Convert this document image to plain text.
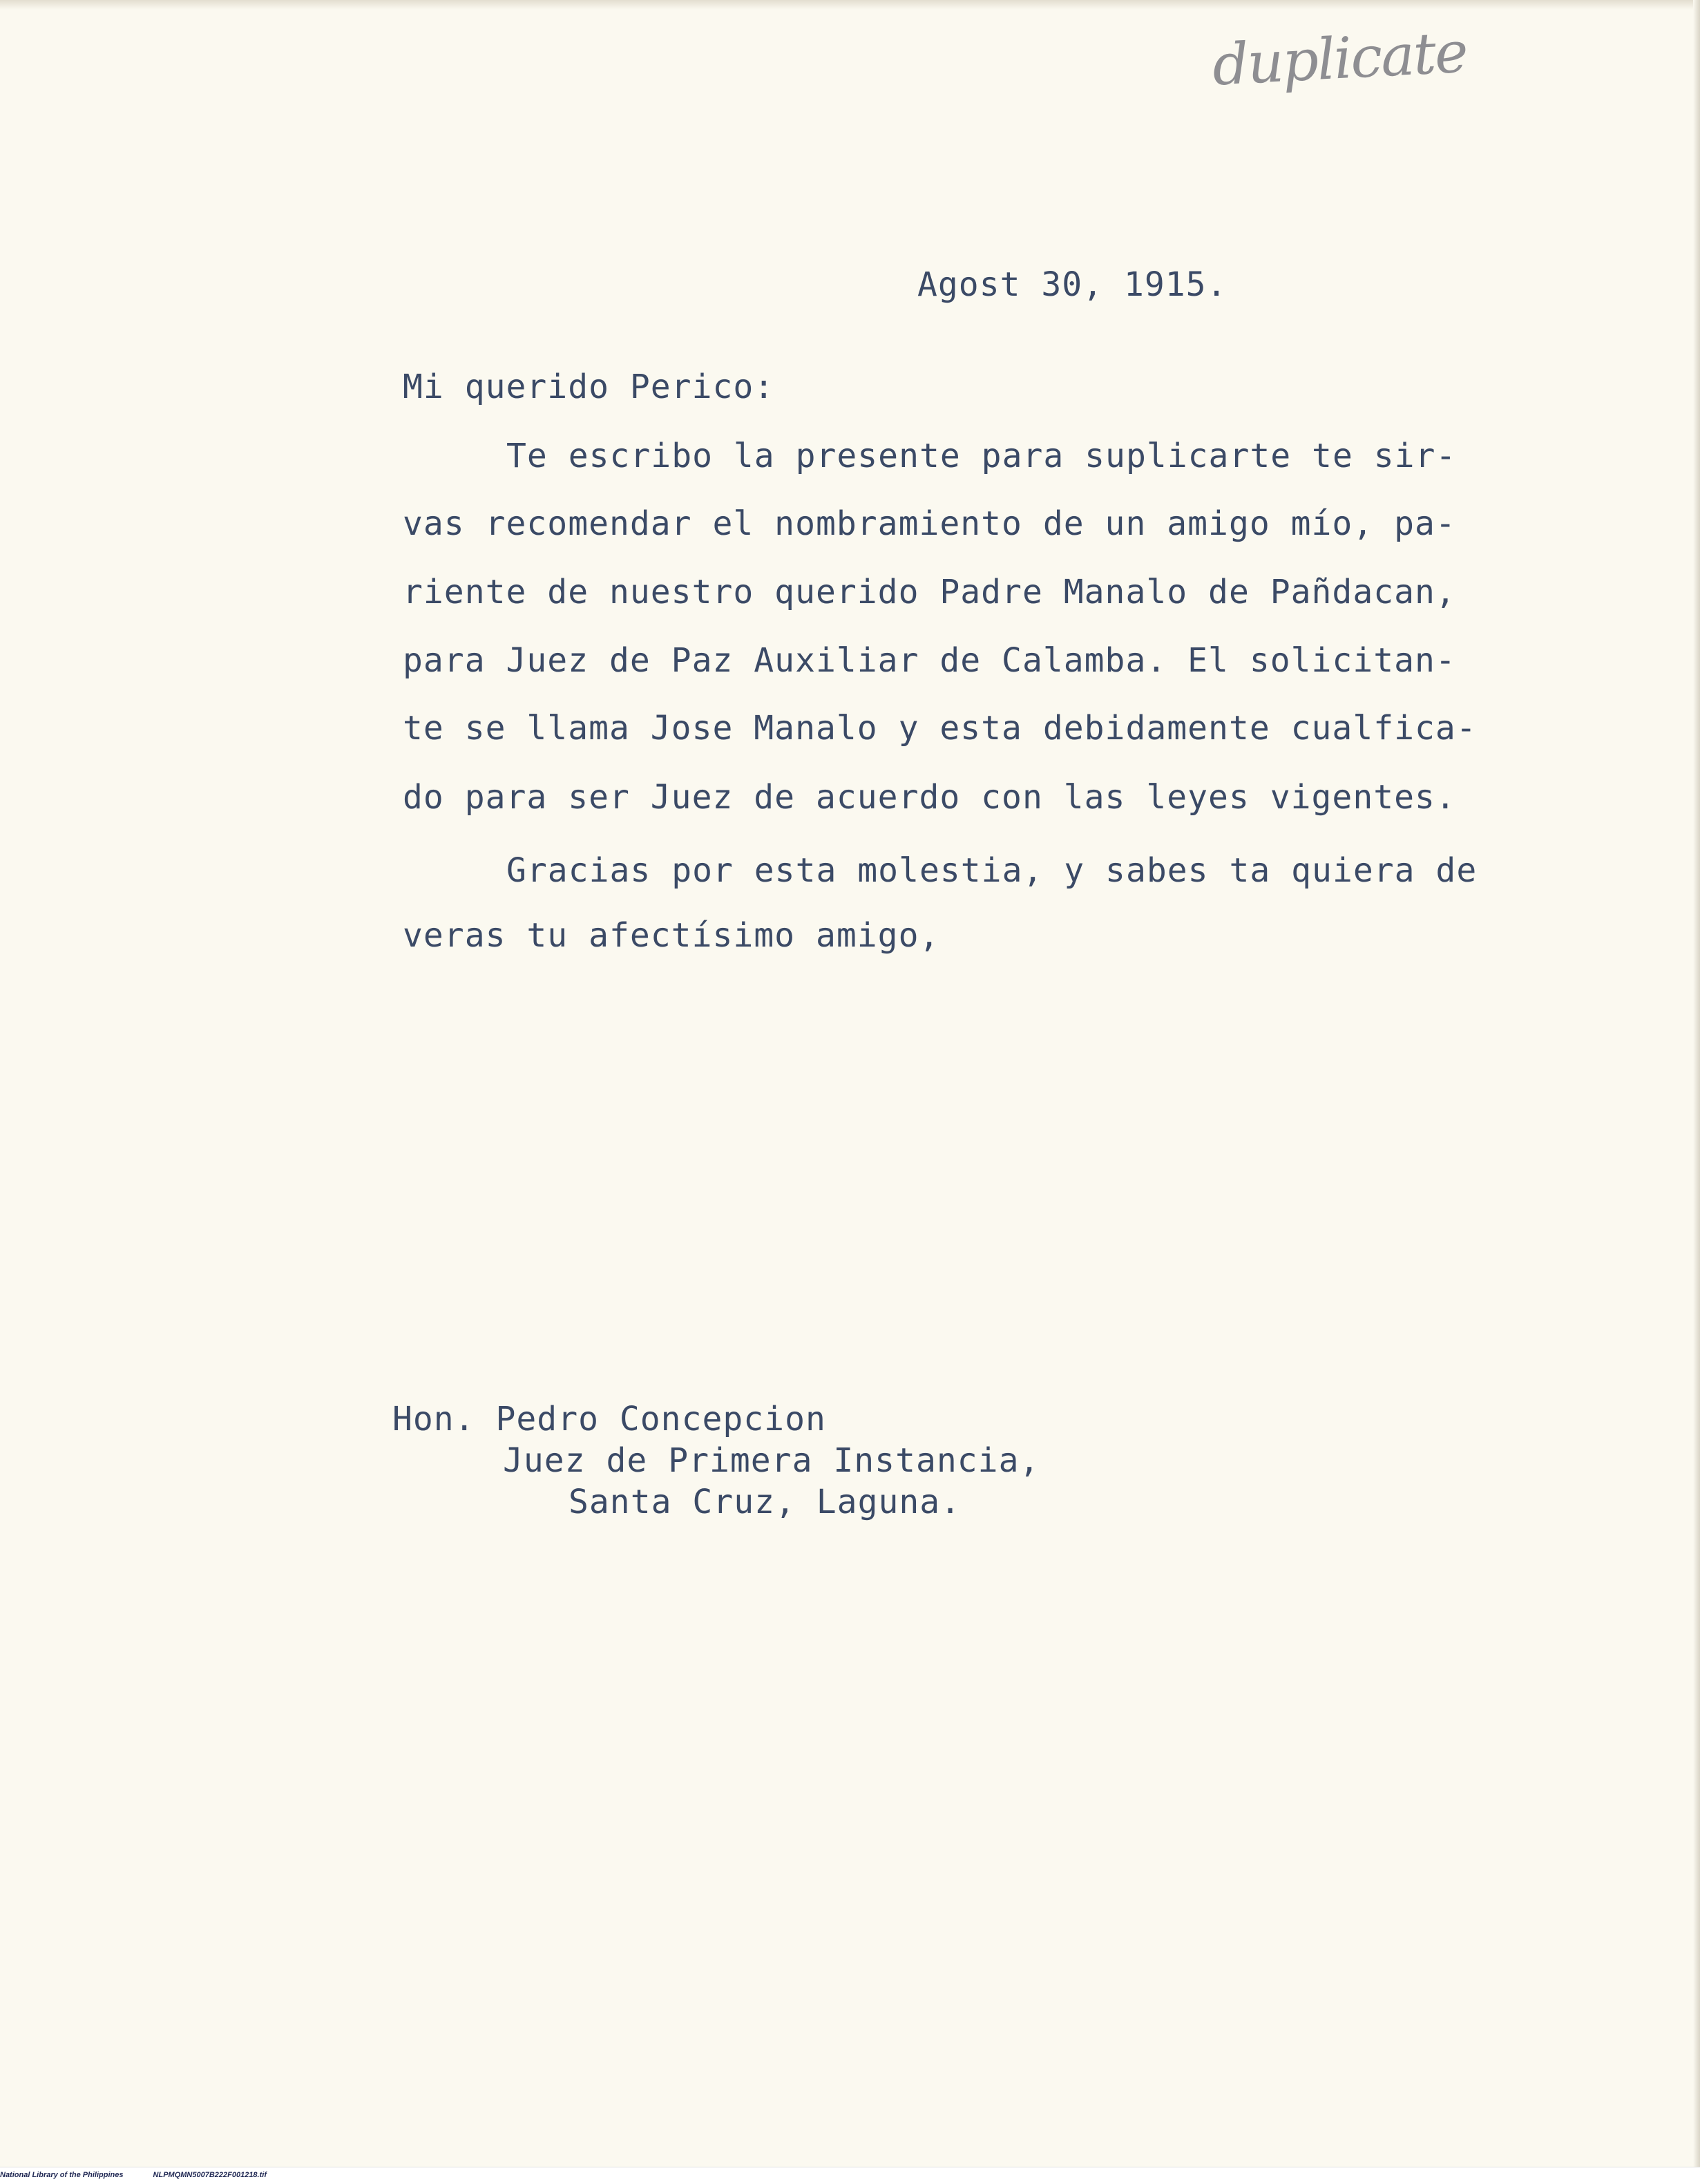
duplicate

Agost 30, 1915.

Mi querido Perico:

Te escribo la presente para suplicarte te sir-

vas recomendar el nombramiento de un amigo mío, pa-

riente de nuestro querido Padre Manalo de Pañdacan,

para Juez de Paz Auxiliar de Calamba. El solicitan-

te se llama Jose Manalo y esta debidamente cualfica-

do para ser Juez de acuerdo con las leyes vigentes.

Gracias por esta molestia, y sabes ta quiera de

veras tu afectísimo amigo,

Hon. Pedro Concepcion

Juez de Primera Instancia,

Santa Cruz, Laguna.

National Library of the Philippines	NLPMQMN5007B222F001218.tif
